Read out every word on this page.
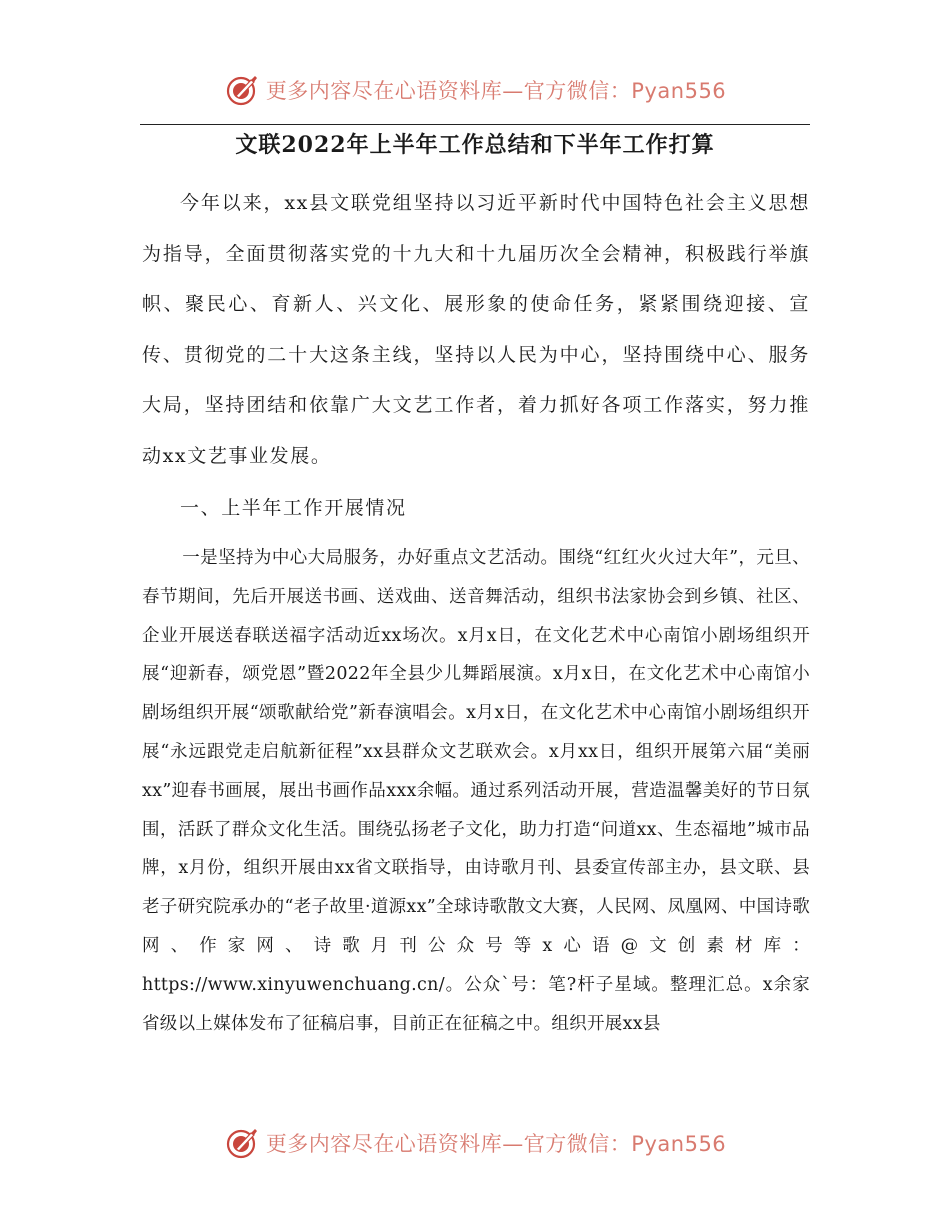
更多内容尽在心语资料库—官方微信：Pyan556
文联2022年上半年工作总结和下半年工作打算

今年以来，xx县文联党组坚持以习近平新时代中国特色社会主义思想为指导，全面贯彻落实党的十九大和十九届历次全会精神，积极践行举旗帜、聚民心、育新人、兴文化、展形象的使命任务，紧紧围绕迎接、宣传、贯彻党的二十大这条主线，坚持以人民为中心，坚持围绕中心、服务大局，坚持团结和依靠广大文艺工作者，着力抓好各项工作落实，努力推动xx文艺事业发展。

一、上半年工作开展情况

一是坚持为中心大局服务，办好重点文艺活动。围绕“红红火火过大年”，元旦、春节期间，先后开展送书画、送戏曲、送音舞活动，组织书法家协会到乡镇、社区、企业开展送春联送福字活动近xx场次。x月x日，在文化艺术中心南馆小剧场组织开展“迎新春，颂党恩”暨2022年全县少儿舞蹈展演。x月x日，在文化艺术中心南馆小剧场组织开展“颂歌献给党”新春演唱会。x月x日，在文化艺术中心南馆小剧场组织开展“永远跟党走启航新征程”xx县群众文艺联欢会。x月xx日，组织开展第六届“美丽xx”迎春书画展，展出书画作品xxx余幅。通过系列活动开展，营造温馨美好的节日氛围，活跃了群众文化生活。围绕弘扬老子文化，助力打造“问道xx、生态福地”城市品牌，x月份，组织开展由xx省文联指导，由诗歌月刊、县委宣传部主办，县文联、县老子研究院承办的“老子故里·道源xx”全球诗歌散文大赛，人民网、凤凰网、中国诗歌网、作家网、诗歌月刊公众号等x心语@文创素材库：https://www.xinyuwenchuang.cn/。公众`号：笔?杆子星域。整理汇总。x余家省级以上媒体发布了征稿启事，目前正在征稿之中。组织开展xx县

更多内容尽在心语资料库—官方微信：Pyan556
